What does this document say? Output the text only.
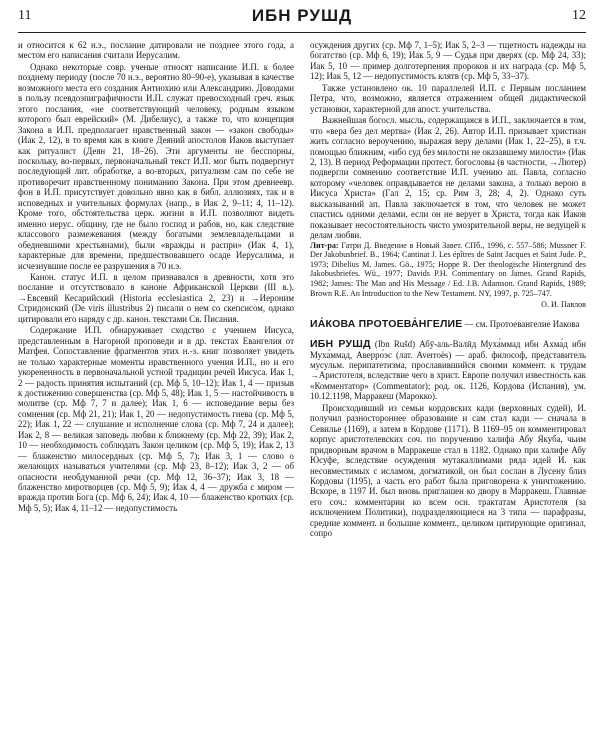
11	ИБН РУШД	12

и относится к 62 н.э., послание датировали не позднее этого года, а местом его написания считали Иерусалим.

Однако некоторые совр. ученые относят написание И.П. к более позднему периоду (после 70 н.э., вероятно 80–90-е), указывая в качестве возможного места его создания Антиохию или Александрию. Доводами в пользу псевдоэпиграфичности И.П. служат превосходный греч. язык этого послания, «не соответствующий человеку, родным языком которого был еврейский» (М. Дибелиус), а также то, что концепция Закона в И.П. предполагает нравственный закон — «закон свободы» (Иак 2, 12), в то время как в книге Деяний апостолов Иаков выступает как ритуалист (Деян 21, 18–26). Эти аргументы не бесспорны, поскольку, во-первых, первоначальный текст И.П. мог быть подвергнут последующей лит. обработке, а во-вторых, ритуализм сам по себе не противоречит нравственному пониманию Закона. При этом древнеевр. фон в И.П. присутствует довольно явно как в библ. аллюзиях, так и в исповедных и учительных формулах (напр., в Иак 2, 9–11; 4, 11–12). Кроме того, обстоятельства церк. жизни в И.П. позволяют видеть именно иерус. общину, где не было господ и рабов, но, как следствие классового размежевания (между богатыми землевладельцами и обедневшими крестьянами), были «вражды и распри» (Иак 4, 1), характерные для времени, предшествовавшего осаде Иерусалима, и исчезнувшие после ее разрушения в 70 н.э.

Канон. статус И.П. в целом признавался в древности, хотя это послание и отсутствовало в каноне Африканской Церкви (III в.). →Евсевий Кесарийский (Historia ecclesiastica 2, 23) и →Иероним Стридонский (De viris illustribus 2) писали о нем со скепсисом, однако цитировали его наряду с др. канон. текстами Св. Писания.

Содержание И.П. обнаруживает сходство с учением Иисуса, представленным в Нагорной проповеди и в др. текстах Евангелия от Матфея. Сопоставление фрагментов этих н.-з. книг позволяет увидеть не только характерные моменты нравственного учения И.П., но и его укорененность в первоначальной устной традиции речей Иисуса. Иак 1, 2 — радость принятия испытаний (ср. Мф 5, 10–12); Иак 1, 4 — призыв к достижению совершенства (ср. Мф 5, 48); Иак 1, 5 — настойчивость в молитве (ср. Мф 7, 7 и далее); Иак 1, 6 — исповедание веры без сомнения (ср. Мф 21, 21); Иак 1, 20 — недопустимость гнева (ср. Мф 5, 22); Иак 1, 22 — слушание и исполнение слова (ср. Мф 7, 24 и далее); Иак 2, 8 — великая заповедь любви к ближнему (ср. Мф 22, 39); Иак 2, 10 — необходимость соблюдать Закон целиком (ср. Мф 5, 19); Иак 2, 13 — блаженство милосердных (ср. Мф 5, 7); Иак 3, 1 — слово о желающих называться учителями (ср. Мф 23, 8–12); Иак 3, 2 — об опасности необдуманной речи (ср. Мф 12, 36–37); Иак 3, 18 — блаженство миротворцев (ср. Мф 5, 9); Иак 4, 4 — дружба с миром — вражда против Бога (ср. Мф 6, 24); Иак 4, 10 — блаженство кротких (ср. Мф 5, 5); Иак 4, 11–12 — недопустимость

осуждения других (ср. Мф 7, 1–5); Иак 5, 2–3 — тщетность надежды на богатство (ср. Мф 6, 19); Иак 5, 9 — Судья при дверях (ср. Мф 24, 33); Иак 5, 10 — пример долготерпения пророков и их награда (ср. Мф 5, 12); Иак 5, 12 — недопустимость клятв (ср. Мф 5, 33–37).

Также установлено ок. 10 параллелей И.П. с Первым посланием Петра, что, возможно, является отражением общей дидактической установки, характерной для апост. учительства.

Важнейшая богосл. мысль, содержащаяся в И.П., заключается в том, что «вера без дел мертва» (Иак 2, 26). Автор И.П. призывает христиан жить согласно вероучению, выражая веру делами (Иак 1, 22–25), в т.ч. помощью ближним, «ибо суд без милости не оказавшему милости» (Иак 2, 13). В период Реформации протест. богословы (в частности, →Лютер) подвергли сомнению соответствие И.П. учению ап. Павла, согласно которому «человек оправдывается не делами закона, а только верою в Иисуса Христа» (Гал 2, 15; ср. Рим 3, 28; 4, 2). Однако суть высказываний ап. Павла заключается в том, что человек не может спастись одними делами, если он не верует в Христа, тогда как Иаков показывает несостоятельность чисто умозрительной веры, не ведущей к делам любви.

Лит-ра: Гатри Д. Введение в Новый Завет. СПб., 1996, с. 557–586; Mussner F. Der Jakobusbrief. В., 1964; Cantinat J. Les épîtres de Saint Jacques et Saint Jude. P., 1973; Dibelius M. James. Gö., 1975; Hoppe R. Der theologische Hintergrund des Jakobusbriefes. Wü., 1977; Davids P.H. Commentary on James. Grand Rapids, 1982; James: The Man and His Message / Ed. J.B. Adamson. Grand Rapids, 1989; Brown R.E. An Introduction to the New Testament. NY, 1997, p. 725–747.

О. И. Павлов

ИА́КОВА ПРОТОЕВА́НГЕЛИЕ — см. Протоевангелие Иакова

ИБН РУШД (Ibn Rušd) Абӯ-аль-Валӣд Муха́ммад ибн Ахма́д ибн Муха́ммад, Аверро́эс (лат. Averroës) — араб. философ, представитель мусульм. перипатетизма, прославившийся своими коммент. к трудам →Аристотеля, вследствие чего в христ. Европе получил известность как «Комментатор» (Commentator); род. ок. 1126, Кордова (Испания), ум. 10.12.1198, Марракеш (Марокко).

Происходивший из семьи кордовских кади (верховных судей), И. получил разностороннее образование и сам стал кади — сначала в Севилье (1169), а затем в Кордове (1171). В 1169–95 он комментировал корпус аристотелевских соч. по поручению халифа Абу Якуба, чьим придворным врачом в Марракеше стал в 1182. Однако при халифе Абу Юсуфе, вследствие осуждения мутакаллимами ряда идей И. как несовместимых с исламом, догматикой, он был сослан в Лусену близ Кордовы (1195), а часть его работ была приговорена к уничтожению. Вскоре, в 1197 И. был вновь приглашен ко двору в Марракеш. Главные его соч.: комментарии ко всем осн. трактатам Аристотеля (за исключением Политики), подразделяющиеся на 3 типа — парафразы, средние коммент. и большие коммент., целиком цитирующие оригинал, сопро
